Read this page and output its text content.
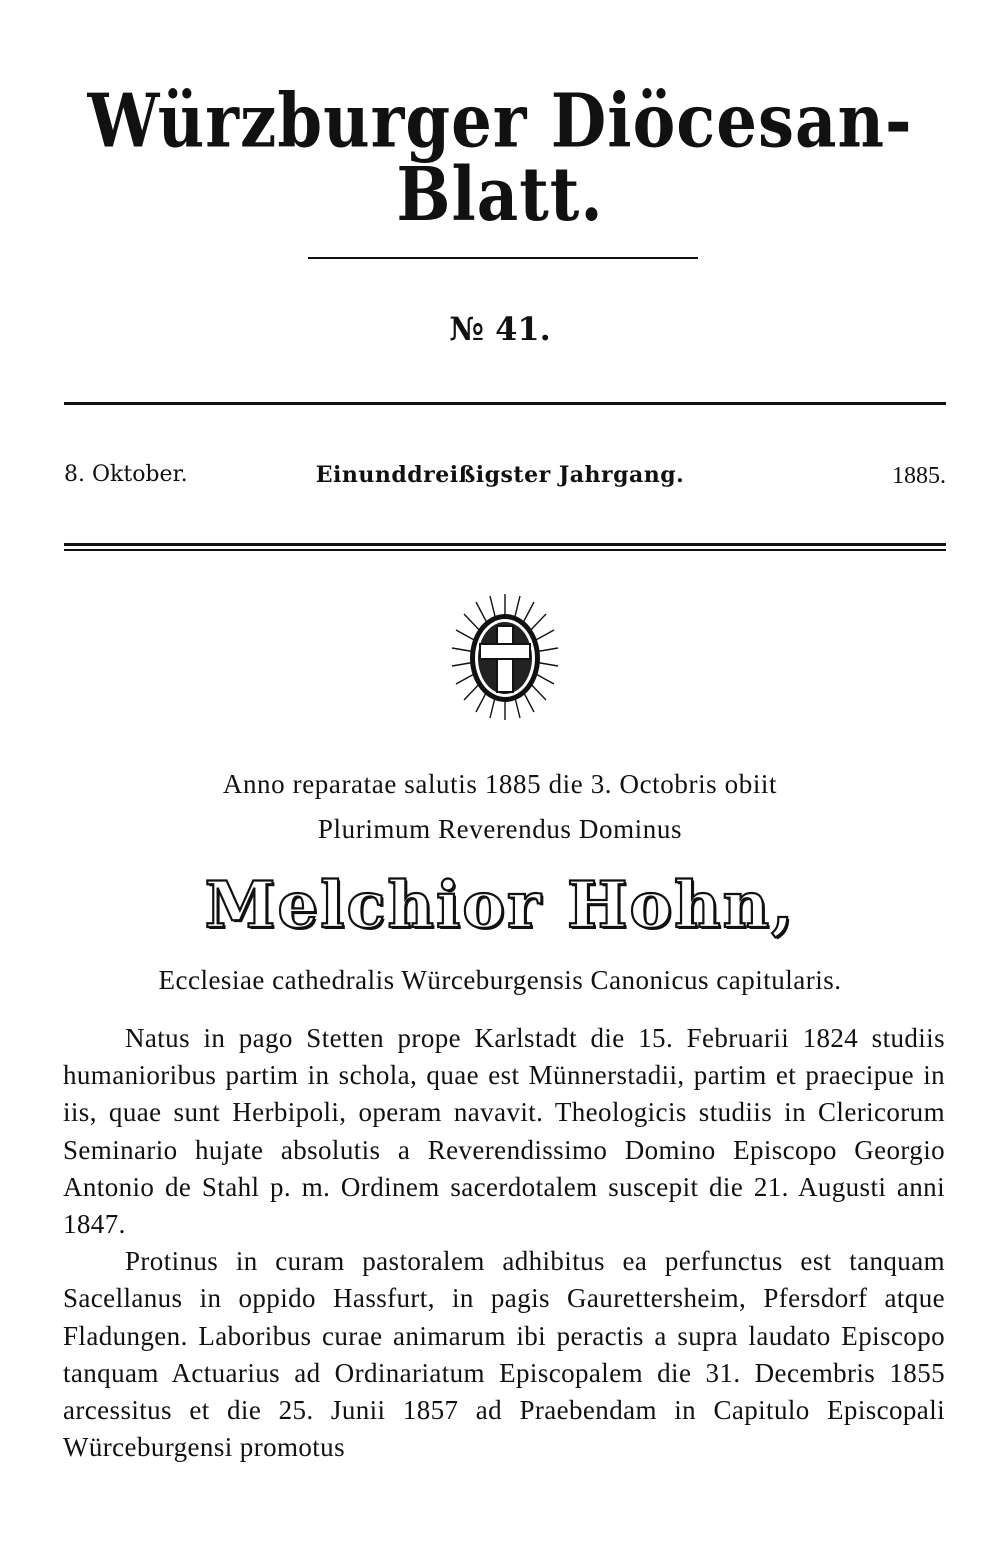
Würzburger Diöcesan-Blatt.
№ 41.
8. Oktober.	Einunddreißigster Jahrgang.	1885.
Anno reparatae salutis 1885 die 3. Octobris obiit
Plurimum Reverendus Dominus
Melchior Hohn,
Ecclesiae cathedralis Würceburgensis Canonicus capitularis.

Natus in pago Stetten prope Karlstadt die 15. Februarii 1824 studiis humanioribus partim in schola, quae est Münnerstadii, partim et praecipue in iis, quae sunt Herbipoli, operam navavit. Theologicis studiis in Clericorum Seminario hujate absolutis a Reverendissimo Domino Episcopo Georgio Antonio de Stahl p. m. Ordinem sacerdotalem suscepit die 21. Augusti anni 1847.

Protinus in curam pastoralem adhibitus ea perfunctus est tanquam Sacellanus in oppido Hassfurt, in pagis Gaurettersheim, Pfersdorf atque Fladungen. Laboribus curae animarum ibi peractis a supra laudato Episcopo tanquam Actuarius ad Ordinariatum Episcopalem die 31. Decembris 1855 arcessitus et die 25. Junii 1857 ad Praebendam in Capitulo Episcopali Würceburgensi promotus
